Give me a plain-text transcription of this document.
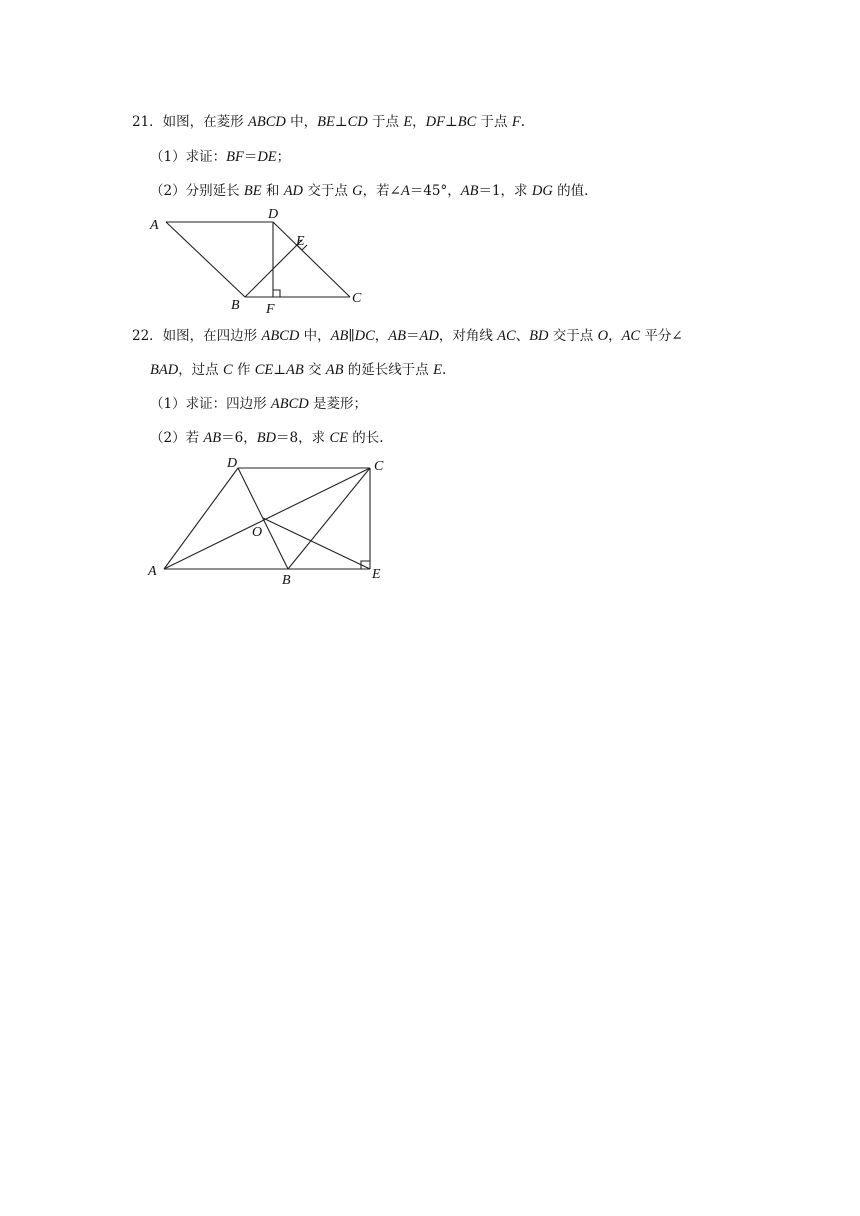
21．如图，在菱形 ABCD 中，BE⊥CD 于点 E，DF⊥BC 于点 F.
（1）求证：BF＝DE；
（2）分别延长 BE 和 AD 交于点 G，若∠A＝45°，AB＝1，求 DG 的值.
A
D
E
B F
C
22．如图，在四边形 ABCD 中，AB∥DC，AB＝AD，对角线 AC、BD 交于点 O，AC 平分∠
BAD，过点 C 作 CE⊥AB 交 AB 的延长线于点 E.
（1）求证：四边形 ABCD 是菱形；
（2）若 AB＝6，BD＝8，求 CE 的长.
D	C
O
A
B	E
